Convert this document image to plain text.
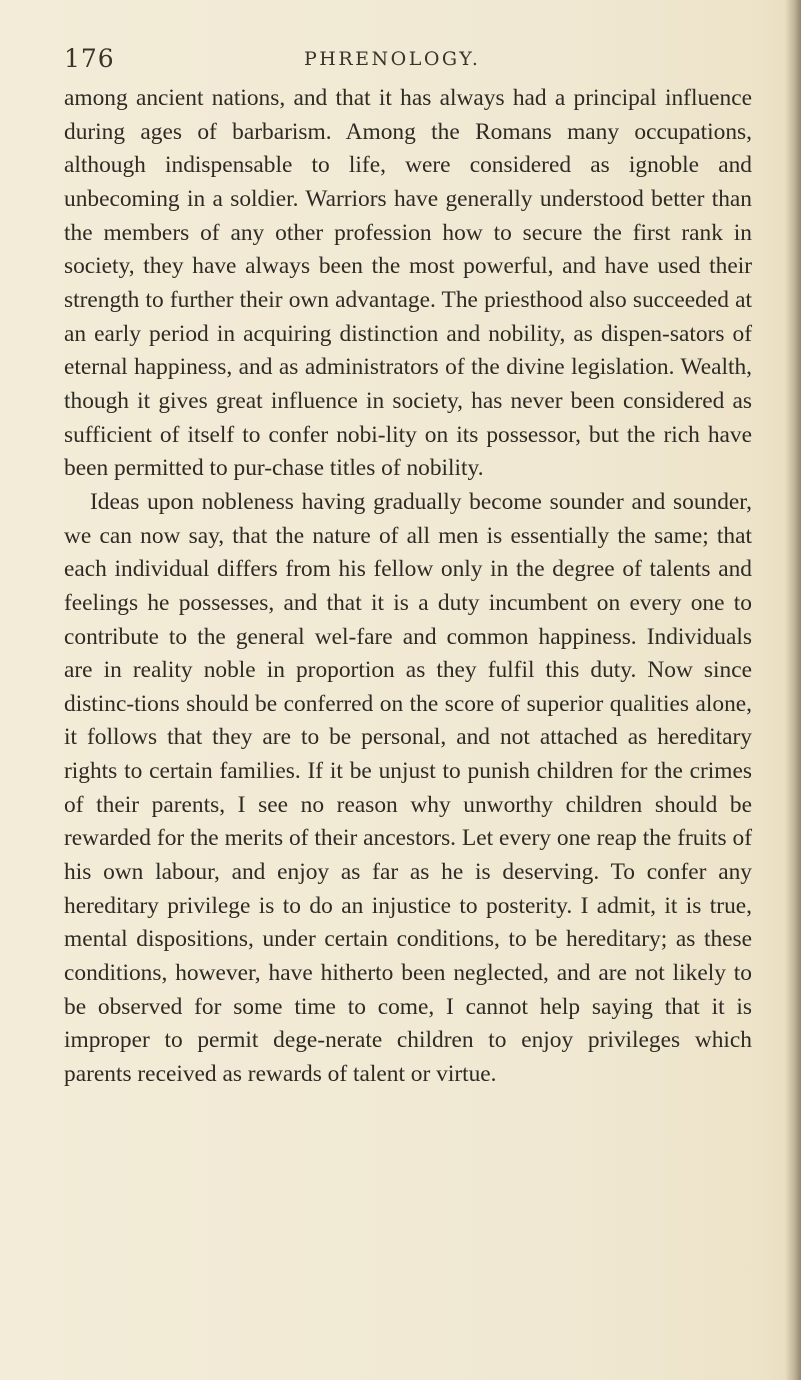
176	PHRENOLOGY.

among ancient nations, and that it has always had a principal influence during ages of barbarism. Among the Romans many occupations, although indispensable to life, were considered as ignoble and unbecoming in a soldier. Warriors have generally understood better than the members of any other profession how to secure the first rank in society, they have always been the most powerful, and have used their strength to further their own advantage. The priesthood also succeeded at an early period in acquiring distinction and nobility, as dispen-sators of eternal happiness, and as administrators of the divine legislation. Wealth, though it gives great influence in society, has never been considered as sufficient of itself to confer nobi-lity on its possessor, but the rich have been permitted to pur-chase titles of nobility.

Ideas upon nobleness having gradually become sounder and sounder, we can now say, that the nature of all men is essentially the same; that each individual differs from his fellow only in the degree of talents and feelings he possesses, and that it is a duty incumbent on every one to contribute to the general wel-fare and common happiness. Individuals are in reality noble in proportion as they fulfil this duty. Now since distinc-tions should be conferred on the score of superior qualities alone, it follows that they are to be personal, and not attached as hereditary rights to certain families. If it be unjust to punish children for the crimes of their parents, I see no reason why unworthy children should be rewarded for the merits of their ancestors. Let every one reap the fruits of his own labour, and enjoy as far as he is deserving. To confer any hereditary privilege is to do an injustice to posterity. I admit, it is true, mental dispositions, under certain conditions, to be hereditary; as these conditions, however, have hitherto been neglected, and are not likely to be observed for some time to come, I cannot help saying that it is improper to permit dege-nerate children to enjoy privileges which parents received as rewards of talent or virtue.
